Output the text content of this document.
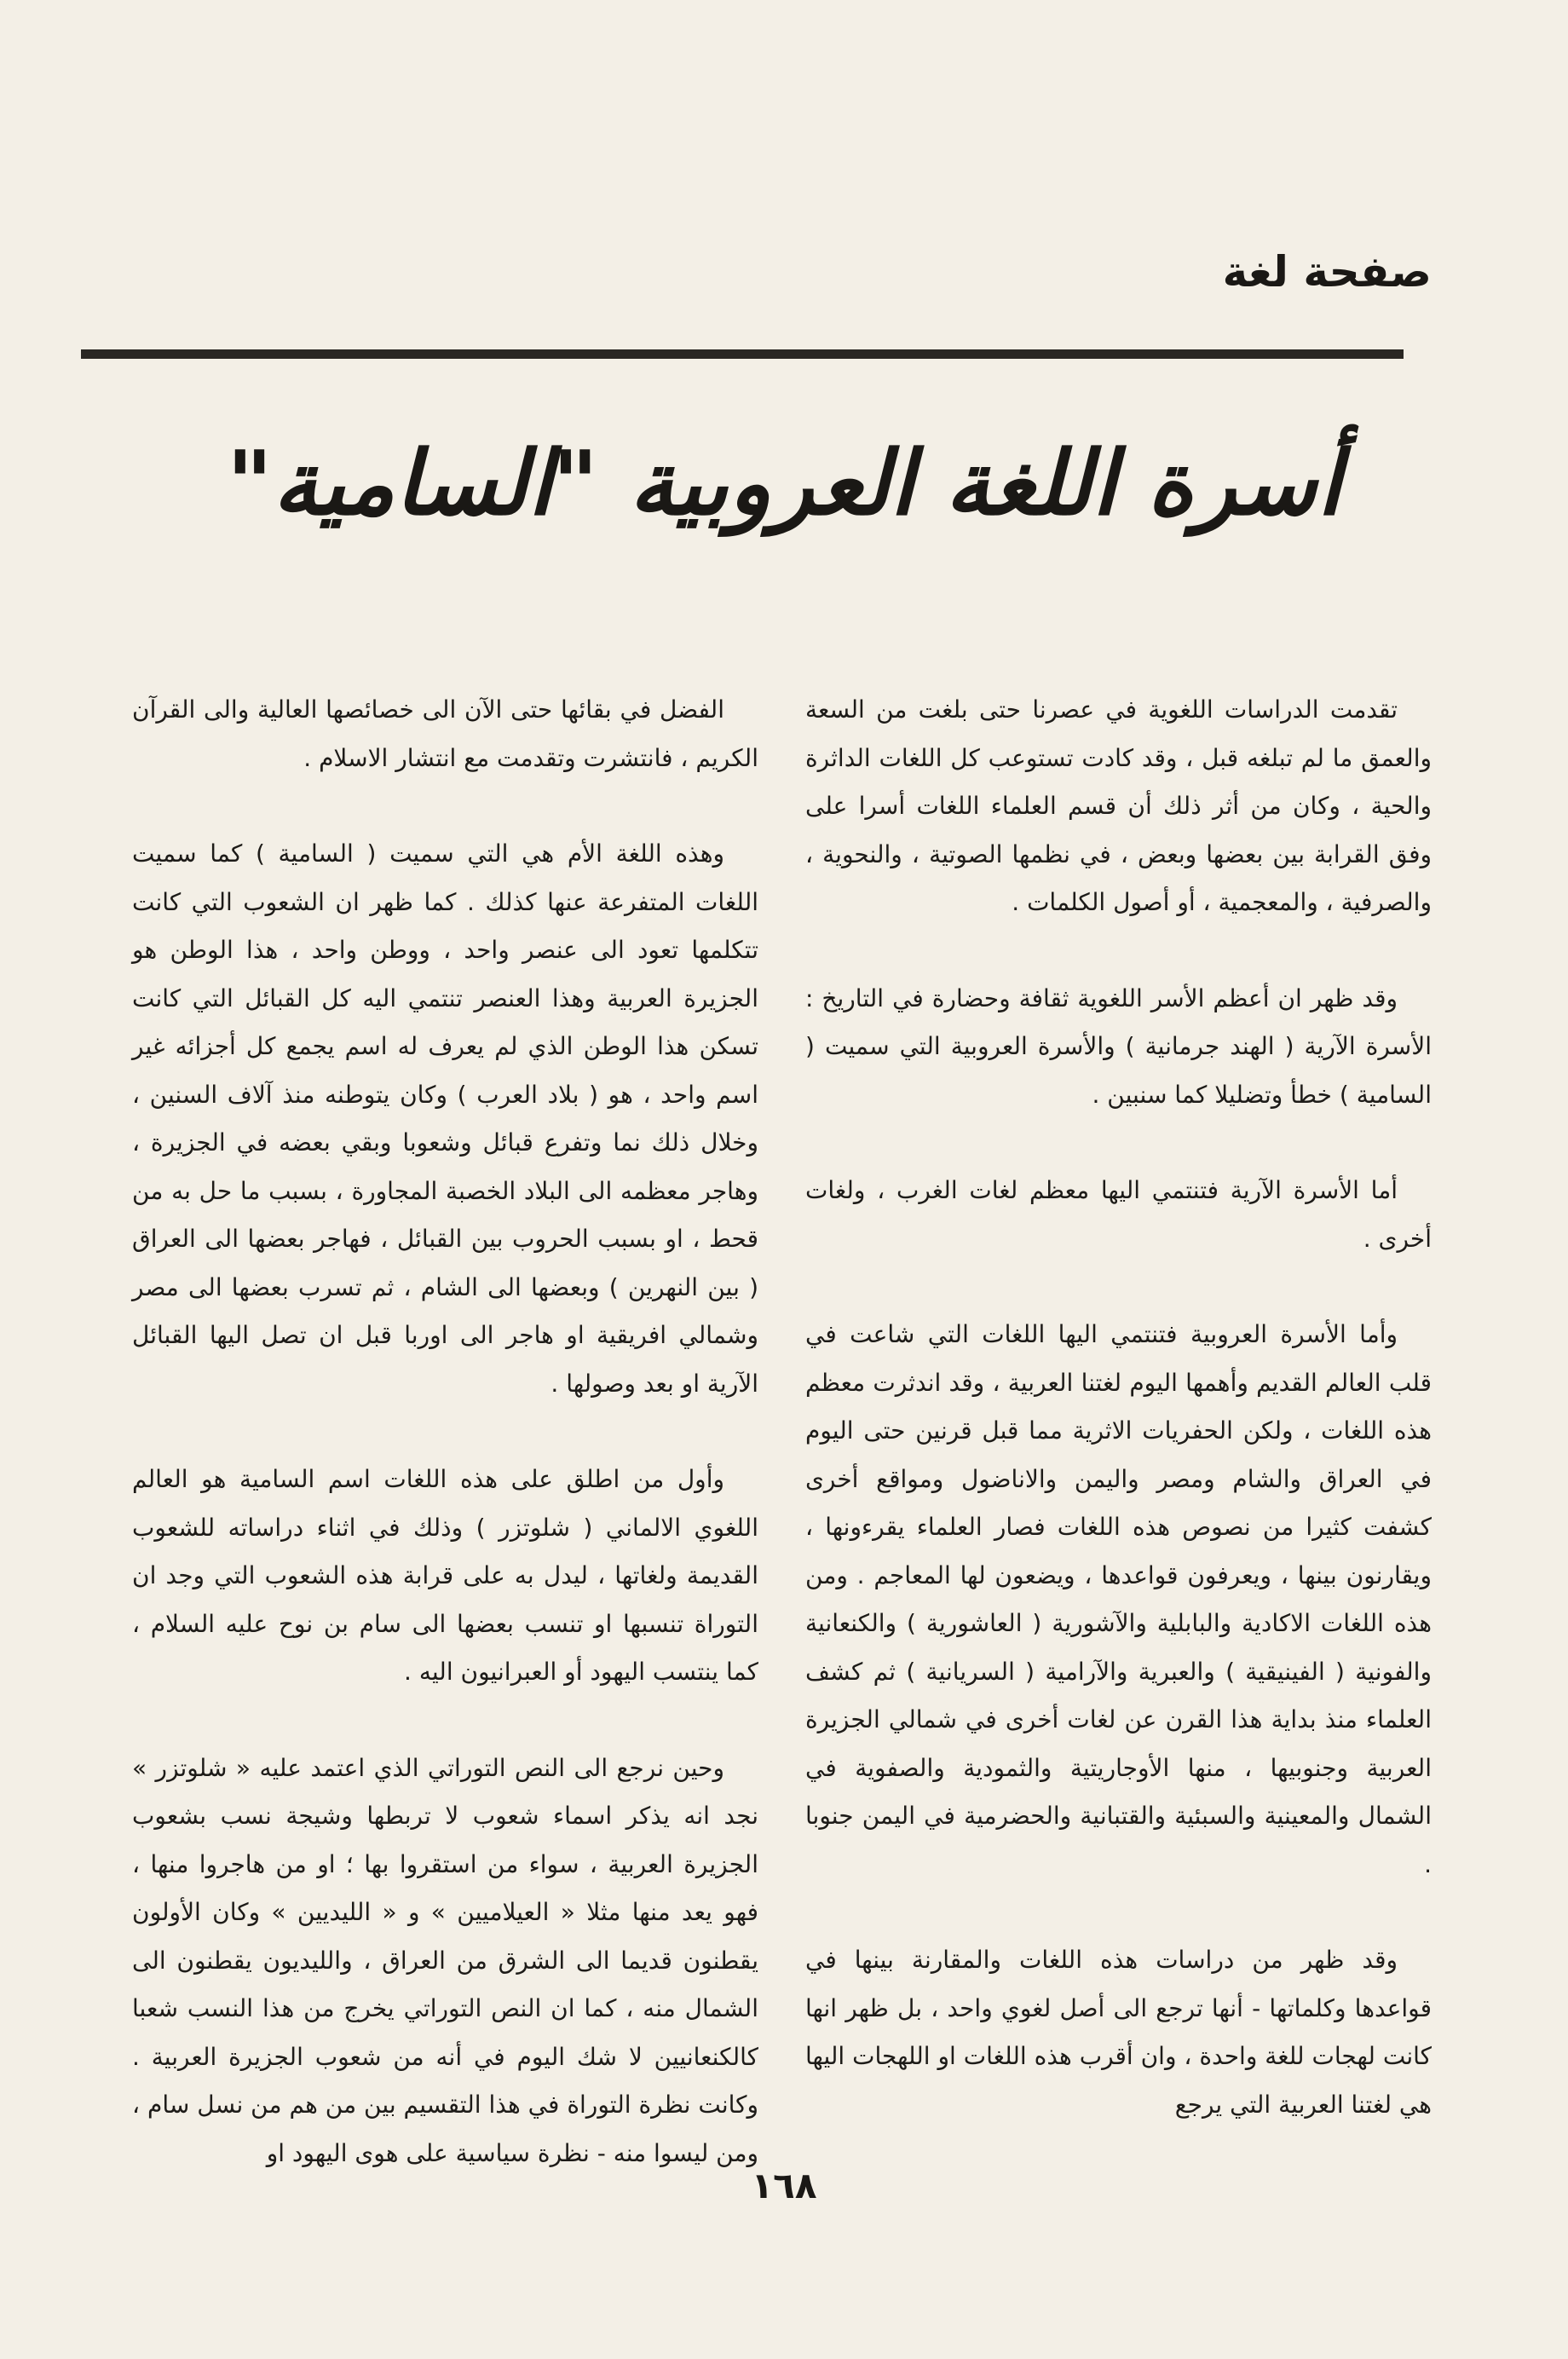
صفحة لغة
أسرة اللغة العروبية "السامية"

تقدمت الدراسات اللغوية في عصرنا حتى بلغت من السعة والعمق ما لم تبلغه قبل ، وقد كادت تستوعب كل اللغات الداثرة والحية ، وكان من أثر ذلك أن قسم العلماء اللغات أسرا على وفق القرابة بين بعضها وبعض ، في نظمها الصوتية ، والنحوية ، والصرفية ، والمعجمية ، أو أصول الكلمات .

وقد ظهر ان أعظم الأسر اللغوية ثقافة وحضارة في التاريخ : الأسرة الآرية ( الهند جرمانية ) والأسرة العروبية التي سميت ( السامية ) خطأ وتضليلا كما سنبين .

أما الأسرة الآرية فتنتمي اليها معظم لغات الغرب ، ولغات أخرى .

وأما الأسرة العروبية فتنتمي اليها اللغات التي شاعت في قلب العالم القديم وأهمها اليوم لغتنا العربية ، وقد اندثرت معظم هذه اللغات ، ولكن الحفريات الاثرية مما قبل قرنين حتى اليوم في العراق والشام ومصر واليمن والاناضول ومواقع أخرى كشفت كثيرا من نصوص هذه اللغات فصار العلماء يقرءونها ، ويقارنون بينها ، ويعرفون قواعدها ، ويضعون لها المعاجم . ومن هذه اللغات الاكادية والبابلية والآشورية ( العاشورية ) والكنعانية والفونية ( الفينيقية ) والعبرية والآرامية ( السريانية ) ثم كشف العلماء منذ بداية هذا القرن عن لغات أخرى في شمالي الجزيرة العربية وجنوبيها ، منها الأوجاريتية والثمودية والصفوية في الشمال والمعينية والسبئية والقتبانية والحضرمية في اليمن جنوبا .

وقد ظهر من دراسات هذه اللغات والمقارنة بينها في قواعدها وكلماتها - أنها ترجع الى أصل لغوي واحد ، بل ظهر انها كانت لهجات للغة واحدة ، وان أقرب هذه اللغات او اللهجات اليها هي لغتنا العربية التي يرجع

الفضل في بقائها حتى الآن الى خصائصها العالية والى القرآن الكريم ، فانتشرت وتقدمت مع انتشار الاسلام .

وهذه اللغة الأم هي التي سميت ( السامية ) كما سميت اللغات المتفرعة عنها كذلك . كما ظهر ان الشعوب التي كانت تتكلمها تعود الى عنصر واحد ، ووطن واحد ، هذا الوطن هو الجزيرة العربية وهذا العنصر تنتمي اليه كل القبائل التي كانت تسكن هذا الوطن الذي لم يعرف له اسم يجمع كل أجزائه غير اسم واحد ، هو ( بلاد العرب ) وكان يتوطنه منذ آلاف السنين ، وخلال ذلك نما وتفرع قبائل وشعوبا وبقي بعضه في الجزيرة ، وهاجر معظمه الى البلاد الخصبة المجاورة ، بسبب ما حل به من قحط ، او بسبب الحروب بين القبائل ، فهاجر بعضها الى العراق ( بين النهرين ) وبعضها الى الشام ، ثم تسرب بعضها الى مصر وشمالي افريقية او هاجر الى اوربا قبل ان تصل اليها القبائل الآرية او بعد وصولها .

وأول من اطلق على هذه اللغات اسم السامية هو العالم اللغوي الالماني ( شلوتزر ) وذلك في اثناء دراساته للشعوب القديمة ولغاتها ، ليدل به على قرابة هذه الشعوب التي وجد ان التوراة تنسبها او تنسب بعضها الى سام بن نوح عليه السلام ، كما ينتسب اليهود أو العبرانيون اليه .

وحين نرجع الى النص التوراتي الذي اعتمد عليه « شلوتزر » نجد انه يذكر اسماء شعوب لا تربطها وشيجة نسب بشعوب الجزيرة العربية ، سواء من استقروا بها ؛ او من هاجروا منها ، فهو يعد منها مثلا « العيلاميين » و « الليديين » وكان الأولون يقطنون قديما الى الشرق من العراق ، والليديون يقطنون الى الشمال منه ، كما ان النص التوراتي يخرج من هذا النسب شعبا كالكنعانيين لا شك اليوم في أنه من شعوب الجزيرة العربية . وكانت نظرة التوراة في هذا التقسيم بين من هم من نسل سام ، ومن ليسوا منه - نظرة سياسية على هوى اليهود او

١٦٨
